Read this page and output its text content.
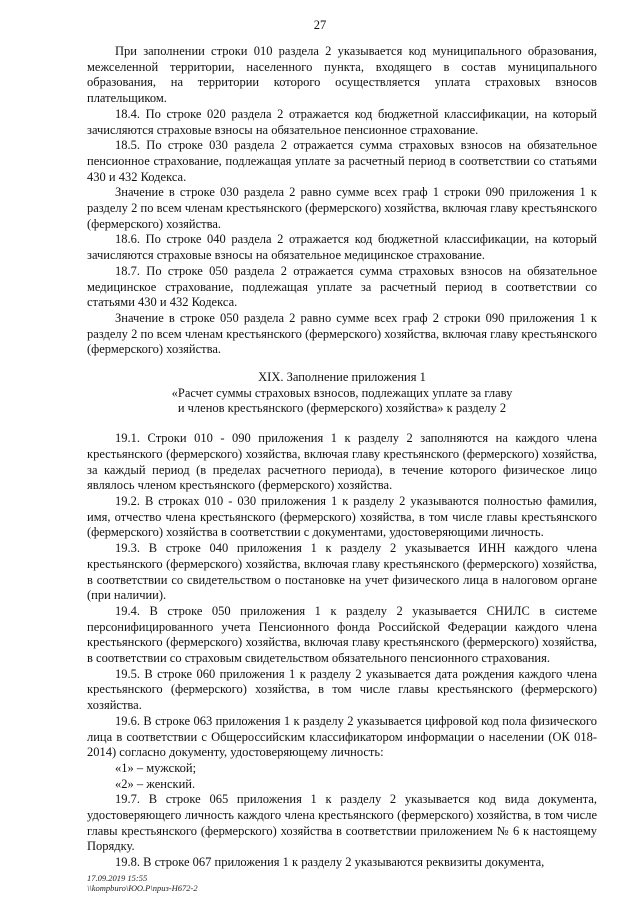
27

При заполнении строки 010 раздела 2 указывается код муниципального образования, межселенной территории, населенного пункта, входящего в состав муниципального образования, на территории которого осуществляется уплата страховых взносов плательщиком.

18.4. По строке 020 раздела 2 отражается код бюджетной классификации, на который зачисляются страховые взносы на обязательное пенсионное страхование.

18.5. По строке 030 раздела 2 отражается сумма страховых взносов на обязательное пенсионное страхование, подлежащая уплате за расчетный период в соответствии со статьями 430 и 432 Кодекса.

Значение в строке 030 раздела 2 равно сумме всех граф 1 строки 090 приложения 1 к разделу 2 по всем членам крестьянского (фермерского) хозяйства, включая главу крестьянского (фермерского) хозяйства.

18.6. По строке 040 раздела 2 отражается код бюджетной классификации, на который зачисляются страховые взносы на обязательное медицинское страхование.

18.7. По строке 050 раздела 2 отражается сумма страховых взносов на обязательное медицинское страхование, подлежащая уплате за расчетный период в соответствии со статьями 430 и 432 Кодекса.

Значение в строке 050 раздела 2 равно сумме всех граф 2 строки 090 приложения 1 к разделу 2 по всем членам крестьянского (фермерского) хозяйства, включая главу крестьянского (фермерского) хозяйства.

XIX. Заполнение приложения 1
«Расчет суммы страховых взносов, подлежащих уплате за главу
и членов крестьянского (фермерского) хозяйства» к разделу 2

19.1. Строки 010 - 090 приложения 1 к разделу 2 заполняются на каждого члена крестьянского (фермерского) хозяйства, включая главу крестьянского (фермерского) хозяйства, за каждый период (в пределах расчетного периода), в течение которого физическое лицо являлось членом крестьянского (фермерского) хозяйства.

19.2. В строках 010 - 030 приложения 1 к разделу 2 указываются полностью фамилия, имя, отчество члена крестьянского (фермерского) хозяйства, в том числе главы крестьянского (фермерского) хозяйства в соответствии с документами, удостоверяющими личность.

19.3. В строке 040 приложения 1 к разделу 2 указывается ИНН каждого члена крестьянского (фермерского) хозяйства, включая главу крестьянского (фермерского) хозяйства, в соответствии со свидетельством о постановке на учет физического лица в налоговом органе (при наличии).

19.4. В строке 050 приложения 1 к разделу 2 указывается СНИЛС в системе персонифицированного учета Пенсионного фонда Российской Федерации каждого члена крестьянского (фермерского) хозяйства, включая главу крестьянского (фермерского) хозяйства, в соответствии со страховым свидетельством обязательного пенсионного страхования.

19.5. В строке 060 приложения 1 к разделу 2 указывается дата рождения каждого члена крестьянского (фермерского) хозяйства, в том числе главы крестьянского (фермерского) хозяйства.

19.6. В строке 063 приложения 1 к разделу 2 указывается цифровой код пола физического лица в соответствии с Общероссийским классификатором информации о населении (ОК 018-2014) согласно документу, удостоверяющему личность:

«1» – мужской;
«2» – женский.

19.7. В строке 065 приложения 1 к разделу 2 указывается код вида документа, удостоверяющего личность каждого члена крестьянского (фермерского) хозяйства, в том числе главы крестьянского (фермерского) хозяйства в соответствии приложением № 6 к настоящему Порядку.

19.8. В строке 067 приложения 1 к разделу 2 указываются реквизиты документа,

17.09.2019 15:55
\\kompburo\ЮО.Р\приз-Н672-2
